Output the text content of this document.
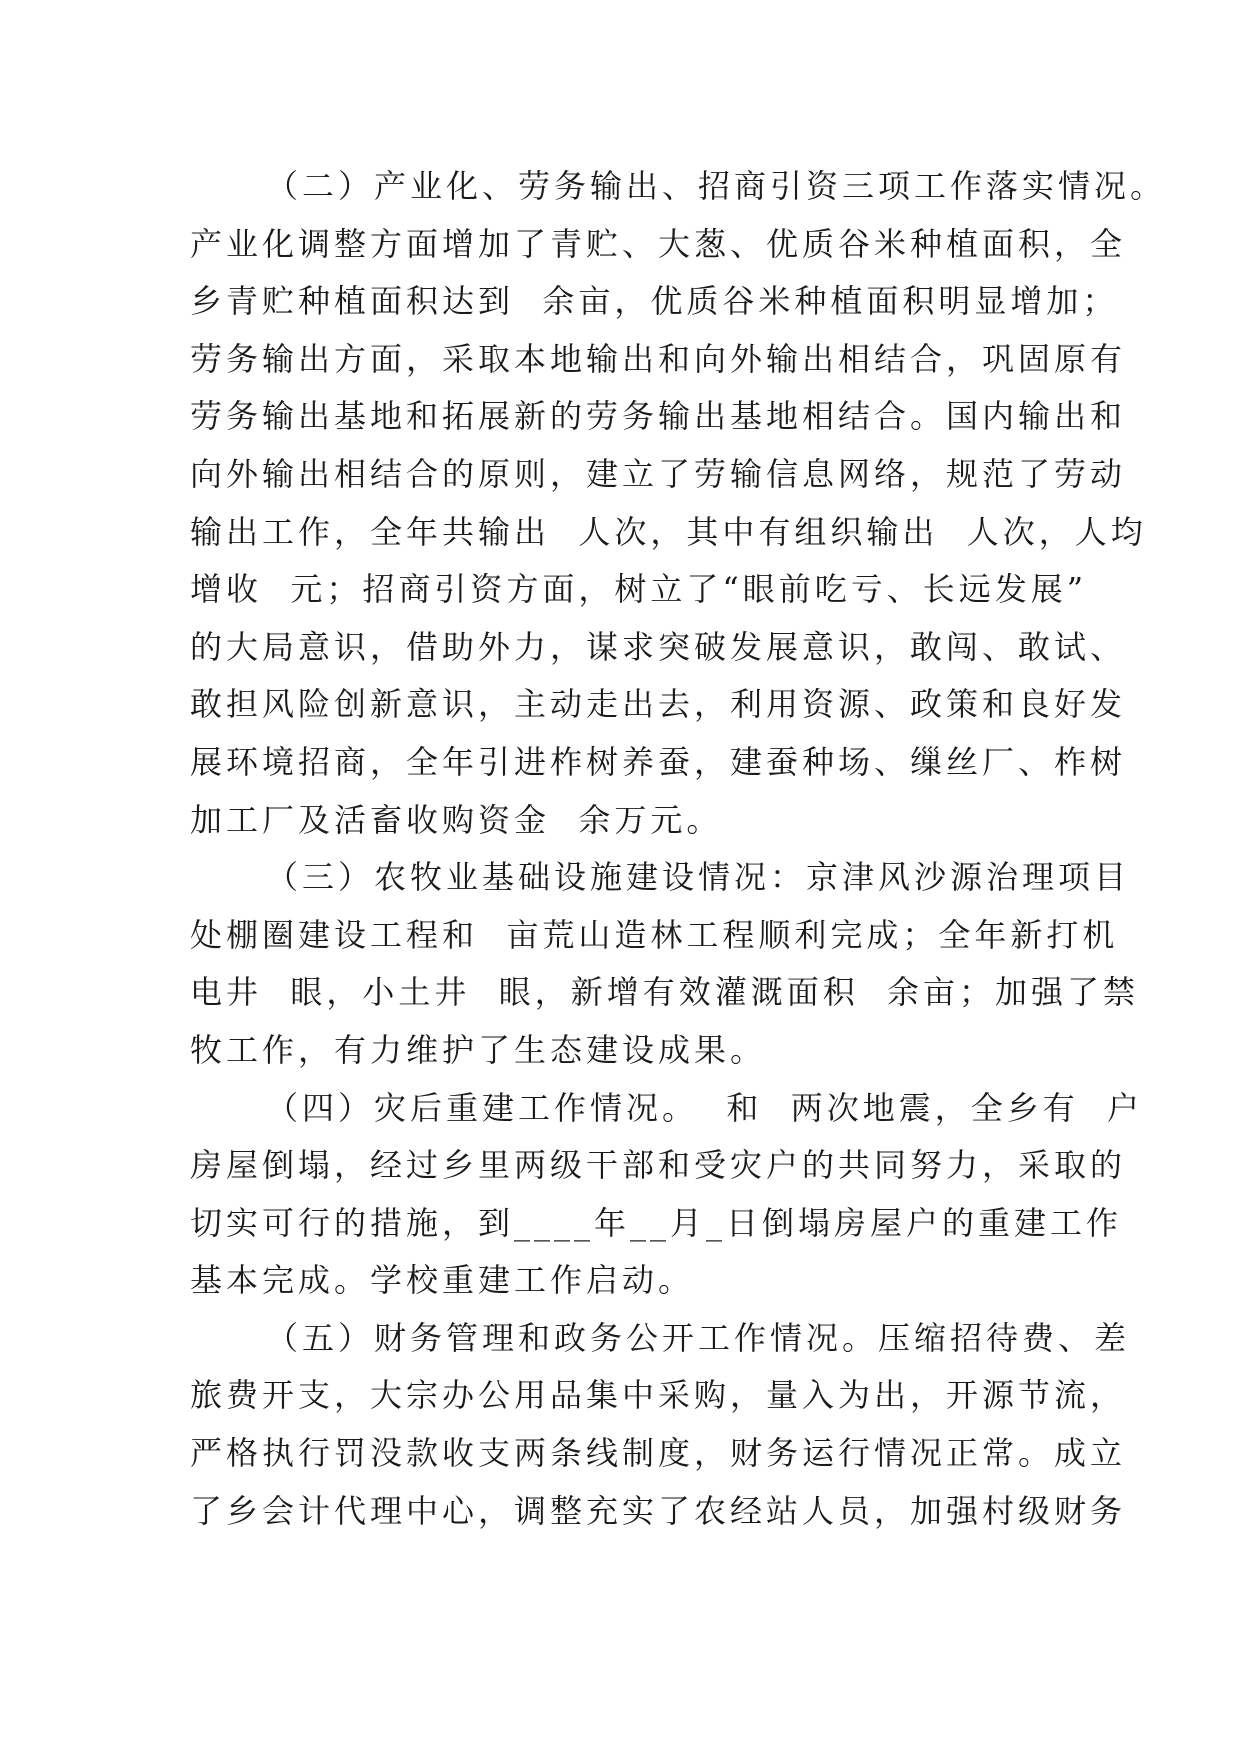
（二）产业化、劳务输出、招商引资三项工作落实情况。
产业化调整方面增加了青贮、大葱、优质谷米种植面积，全
乡青贮种植面积达到  余亩，优质谷米种植面积明显增加；
劳务输出方面，采取本地输出和向外输出相结合，巩固原有
劳务输出基地和拓展新的劳务输出基地相结合。国内输出和
向外输出相结合的原则，建立了劳输信息网络，规范了劳动
输出工作，全年共输出  人次，其中有组织输出  人次，人均
增收  元；招商引资方面，树立了“眼前吃亏、长远发展”
的大局意识，借助外力，谋求突破发展意识，敢闯、敢试、
敢担风险创新意识，主动走出去，利用资源、政策和良好发
展环境招商，全年引进柞树养蚕，建蚕种场、缫丝厂、柞树
加工厂及活畜收购资金  余万元。
（三）农牧业基础设施建设情况：京津风沙源治理项目
处棚圈建设工程和  亩荒山造林工程顺利完成；全年新打机
电井  眼，小土井  眼，新增有效灌溉面积  余亩；加强了禁
牧工作，有力维护了生态建设成果。
（四）灾后重建工作情况。  和  两次地震，全乡有  户
房屋倒塌，经过乡里两级干部和受灾户的共同努力，采取的
切实可行的措施，到____年__月_日倒塌房屋户的重建工作
基本完成。学校重建工作启动。
（五）财务管理和政务公开工作情况。压缩招待费、差
旅费开支，大宗办公用品集中采购，量入为出，开源节流，
严格执行罚没款收支两条线制度，财务运行情况正常。成立
了乡会计代理中心，调整充实了农经站人员，加强村级财务
